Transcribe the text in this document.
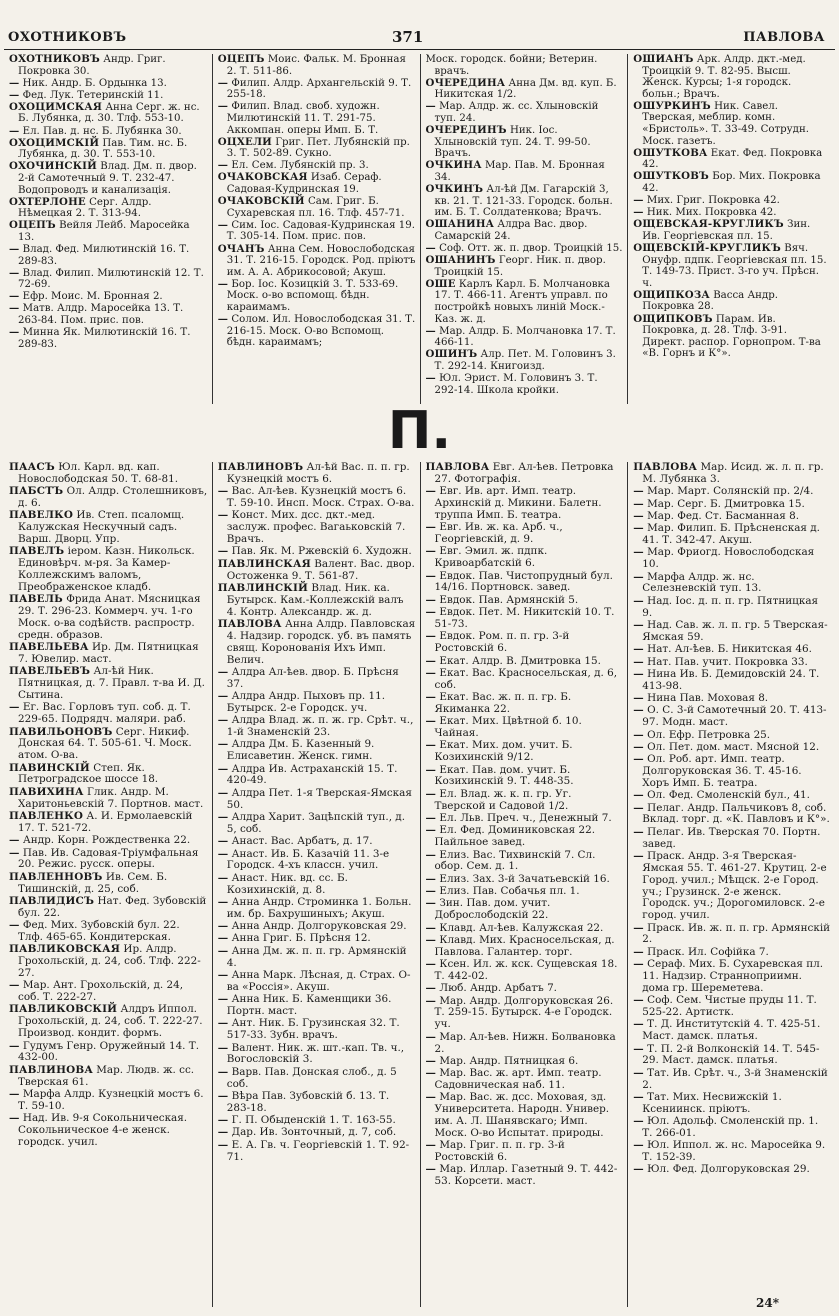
ОХОТНИКОВЪ	371	ПАВЛОВА
ОХОТНИКОВЪ Андр. Григ. Покровка 30.
— Ник. Андр. Б. Ордынка 13.
— Фед. Лук. Тетеринскій 11.
ОХОЦИМСКАЯ Анна Серг. ж. нс. Б. Лубянка, д. 30. Тлф. 553-10.
— Ел. Пав. д. нс. Б. Лубянка 30.
ОХОЦИМСКІЙ Пав. Тим. нс. Б. Лубянка, д. 30. Т. 553-10.
ОХОЧИНСКІЙ Влад. Дм. п. двор. 2-й Самотечный 9. Т. 232-47. Водопроводъ и канализація.
ОХТЕРЛОНЕ Серг. Алдр. Нѣмецкая 2. Т. 313-94.
ОЦЕПЪ Вейля Лейб. Маросейка 13.
— Влад. Фед. Милютинскій 16. Т. 289-83.
— Влад. Филип. Милютинскій 12. Т. 72-69.
— Ефр. Моис. М. Бронная 2.
— Матв. Алдр. Маросейка 13. Т. 263-84. Пом. прис. пов.
— Минна Як. Милютинскій 16. Т. 289-83.
ОЦЕПЪ Моис. Фальк. М. Бронная 2. Т. 511-86.
— Филип. Алдр. Архангельскій 9. Т. 255-18.
— Филип. Влад. своб. художн. Милютинскій 11. Т. 291-75. Аккомпан. оперы Имп. Б. Т.
ОЦХЕЛИ Григ. Пет. Лубянскій пр. 3. Т. 502-89. Сукно.
— Ел. Сем. Лубянскій пр. 3.
ОЧАКОВСКАЯ Изаб. Сераф. Садовая-Кудринская 19.
ОЧАКОВСКІЙ Сам. Григ. Б. Сухаревская пл. 16. Тлф. 457-71.
— Сим. Іос. Садовая-Кудринская 19. Т. 305-14. Пом. прис. пов.
ОЧАНЪ Анна Сем. Новослободская 31. Т. 216-15. Городск. Род. пріютъ им. А. А. Абрикосовой; Акуш.
— Бор. Іос. Козицкій 3. Т. 533-69. Моск. о-во вспомощ. бѣдн. караимамъ.
— Солом. Ил. Новослободская 31. Т. 216-15. Моск. О-во Вспомощ. бѣдн. караимамъ;
Моск. городск. бойни; Ветерин. врачъ.
ОЧЕРЕДИНА Анна Дм. вд. куп. Б. Никитская 1/2.
— Мар. Алдр. ж. сс. Хлыновскій туп. 24.
ОЧЕРЕДИНЪ Ник. Іос. Хлыновскій туп. 24. Т. 99-50. Врачъ.
ОЧКИНА Мар. Пав. М. Бронная 34.
ОЧКИНЪ Ал-ѣй Дм. Гагарскій 3, кв. 21. Т. 121-33. Городск. больн. им. Б. Т. Солдатенкова; Врачъ.
ОШАНИНА Алдра Вас. двор. Самарскій 24.
— Соф. Отт. ж. п. двор. Троицкій 15.
ОШАНИНЪ Георг. Ник. п. двор. Троицкій 15.
ОШЕ Карлъ Карл. Б. Молчановка 17. Т. 466-11. Агентъ управл. по постройкѣ новыхъ линій Моск.-Каз. ж. д.
— Мар. Алдр. Б. Молчановка 17. Т. 466-11.
ОШИНЪ Алр. Пет. М. Головинъ 3. Т. 292-14. Книгоизд.
— Юл. Эрист. М. Головинъ 3. Т. 292-14. Школа кройки.
ОШИАНЪ Арк. Алдр. дкт.-мед. Троицкій 9. Т. 82-95. Высш. Женск. Курсы; 1-я городск. больн.; Врачъ.
ОШУРКИНЪ Ник. Савел. Тверская, меблир. комн. «Бристоль». Т. 33-49. Сотрудн. Моск. газетъ.
ОШУТКОВА Екат. Фед. Покровка 42.
ОШУТКОВЪ Бор. Мих. Покровка 42.
— Мих. Григ. Покровка 42.
— Ник. Мих. Покровка 42.
ОЩЕВСКАЯ-КРУГЛИКЪ Зин. Ив. Георгіевская пл. 15.
ОЩЕВСКІЙ-КРУГЛИКЪ Вяч. Онуфр. пдпк. Георгіевская пл. 15. Т. 149-73. Прист. 3-го уч. Прѣсн. ч.
ОЩИПКОЗА Васса Андр. Покровка 28.
ОЩИПКОВЪ Парам. Ив. Покровка, д. 28. Тлф. 3-91. Директ. распор. Горнопром. Т-ва «В. Горнъ и К°».
П.
ПААСЪ Юл. Карл. вд. кап. Новослободская 50. Т. 68-81.
ПАБСТЪ Ол. Алдр. Столешниковъ, д. 6.
ПАВЕЛКО Ив. Степ. псаломщ. Калужская Нескучный садъ. Варш. Дворц. Упр.
ПАВЕЛЪ іером. Казн. Никольск. Единовѣрч. м-ря. За Камер-Коллежскимъ валомъ, Преображенское кладб.
ПАВЕЛЬ Фрида Анат. Мясницкая 29. Т. 296-23. Коммерч. уч. 1-го Моск. о-ва содѣйств. распростр. средн. образов.
ПАВЕЛЬЕВА Ир. Дм. Пятницкая 7. Ювелир. маст.
ПАВЕЛЬЕВЪ Ал-ѣй Ник. Пятницкая, д. 7. Правл. т-ва И. Д. Сытина.
— Ег. Вас. Горловъ туп. соб. д. Т. 229-65. Подрядч. маляри. раб.
ПАВИЛЬОНОВЪ Серг. Никиф. Донская 64. Т. 505-61. Ч. Моск. атом. О-ва.
ПАВИНСКІЙ Степ. Як. Петроградское шоссе 18.
ПАВИХИНА Глик. Андр. М. Харитоньевскій 7. Портнов. маст.
ПАВЛЕНКО А. И. Ермолаевскій 17. Т. 521-72.
— Андр. Корн. Рождественка 22.
— Пав. Ив. Садовая-Тріумфальная 20. Режис. русск. оперы.
ПАВЛЕННОВЪ Ив. Сем. Б. Тишинскій, д. 25, соб.
ПАВЛИДИСЪ Нат. Фед. Зубовскій бул. 22.
— Фед. Мих. Зубовскій бул. 22. Тлф. 465-65. Кондитерская.
ПАВЛИКОВСКАЯ Ир. Алдр. Грохольскій, д. 24, соб. Тлф. 222-27.
— Мар. Ант. Грохольскій, д. 24, соб. Т. 222-27.
ПАВЛИКОВСКІЙ Алдръ Иппол. Грохольскій, д. 24, соб. Т. 222-27. Производ. кондит. формъ.
— Гудумъ Генр. Оружейный 14. Т. 432-00.
ПАВЛИНОВА Мар. Людв. ж. сс. Тверская 61.
— Марфа Алдр. Кузнецкій мостъ 6. Т. 59-10.
— Над. Ив. 9-я Сокольническая. Сокольническое 4-е женск. городск. учил.
ПАВЛИНОВЪ Ал-ѣй Вас. п. п. гр. Кузнецкій мостъ 6.
— Вас. Ал-ѣев. Кузнецкій мостъ 6. Т. 59-10. Инсп. Моск. Страх. О-ва.
— Конст. Мих. дсс. дкт.-мед. заслуж. профес. Вагаьковскій 7. Врачъ.
— Пав. Як. М. Ржевскій 6. Художн.
ПАВЛИНСКАЯ Валент. Вас. двор. Остоженка 9. Т. 561-87.
ПАВЛИНСКІЙ Влад. Ник. ка. Бутырск. Кам.-Коллежскій валъ 4. Контр. Александр. ж. д.
ПАВЛОВА Анна Алдр. Павловская 4. Надзир. городск. уб. въ память свящ. Коронованія Ихъ Имп. Велич.
— Алдра Ал-ѣев. двор. Б. Прѣсня 37.
— Алдра Андр. Пыховъ пр. 11. Бутырск. 2-е Городск. уч.
— Алдра Влад. ж. п. ж. гр. Срѣт. ч., 1-й Знаменскій 23.
— Алдра Дм. Б. Казенный 9. Елисаветин. Женск. гимн.
— Алдра Ив. Астраханскій 15. Т. 420-49.
— Алдра Пет. 1-я Тверская-Ямская 50.
— Алдра Харит. Зацѣпскій туп., д. 5, соб.
— Анаст. Вас. Арбатъ, д. 17.
— Анаст. Ив. Б. Казачій 11. 3-е Городск. 4-хъ классн. учил.
— Анаст. Ник. вд. сс. Б. Козихинскій, д. 8.
— Анна Андр. Строминка 1. Больн. им. бр. Бахрушиныхъ; Акуш.
— Анна Андр. Долгоруковская 29.
— Анна Григ. Б. Прѣсня 12.
— Анна Дм. ж. п. п. гр. Армянскій 4.
— Анна Марк. Лѣсная, д. Страх. О-ва «Россія». Акуш.
— Анна Ник. Б. Каменщики 36. Портн. маст.
— Ант. Ник. Б. Грузинская 32. Т. 517-33. Зубн. врачъ.
— Валент. Ник. ж. шт.-кап. Тв. ч., Вогословскій 3.
— Варв. Пав. Донская слоб., д. 5 соб.
— Вѣра Пав. Зубовскій б. 13. Т. 283-18.
— Г. П. Обыденскій 1. Т. 163-55.
— Дар. Ив. Зонточный, д. 7, соб.
— Е. А. Гв. ч. Георгіевскій 1. Т. 92-71.
ПАВЛОВА Евг. Ал-ѣев. Петровка 27. Фотографія.
— Евг. Ив. арт. Имп. театр. Архинскій д. Микини. Балетн. труппа Имп. Б. театра.
— Евг. Ив. ж. ка. Арб. ч., Георгіевскій, д. 9.
— Евг. Эмил. ж. пдпк. Кривоарбатскій 6.
— Евдок. Пав. Чистопрудный бул. 14/16. Портновск. завед.
— Евдок. Пав. Армянскій 5.
— Евдок. Пет. М. Никитскій 10. Т. 51-73.
— Евдок. Ром. п. п. гр. 3-й Ростовскій 6.
— Екат. Алдр. В. Дмитровка 15.
— Екат. Вас. Красносельская, д. 6, соб.
— Екат. Вас. ж. п. п. гр. Б. Якиманка 22.
— Екат. Мих. Цвѣтной б. 10. Чайная.
— Екат. Мих. дом. учит. Б. Козихинскій 9/12.
— Екат. Пав. дом. учит. Б. Козихинскій 9. Т. 448-35.
— Ел. Влад. ж. к. п. гр. Уг. Тверской и Садовой 1/2.
— Ел. Льв. Преч. ч., Денежный 7.
— Ел. Фед. Доминиковская 22. Пайльное завед.
— Елиз. Вас. Тихвинскій 7. Сл. обор. Сем. д. 1.
— Елиз. Зах. 3-й Зачатьевскій 16.
— Елиз. Пав. Собачья пл. 1.
— Зин. Пав. дом. учит. Доброслободскій 22.
— Клавд. Ал-ѣев. Калужская 22.
— Клавд. Мих. Красносельская, д. Павлова. Галантер. торг.
— Ксен. Ил. ж. кск. Сущевская 18. Т. 442-02.
— Люб. Андр. Арбатъ 7.
— Мар. Андр. Долгоруковская 26. Т. 259-15. Бутырск. 4-е Городск. уч.
— Мар. Ал-ѣев. Нижн. Болвановка 2.
— Мар. Андр. Пятницкая 6.
— Мар. Вас. ж. арт. Имп. театр. Садовническая наб. 11.
— Мар. Вас. ж. дсс. Моховая, зд. Университета. Народн. Универ. им. А. Л. Шанявскаго; Имп. Моск. О-во Испытат. природы.
— Мар. Григ. п. п. гр. 3-й Ростовскій 6.
— Мар. Иллар. Газетный 9. Т. 442-53. Корсети. маст.
ПАВЛОВА Мар. Исид. ж. л. п. гр. М. Лубянка 3.
— Мар. Март. Солянскій пр. 2/4.
— Мар. Серг. Б. Дмитровка 15.
— Мар. Фед. Ст. Басманная 8.
— Мар. Филип. Б. Прѣсненская д. 41. Т. 342-47. Акуш.
— Мар. Фриогд. Новослободская 10.
— Марфа Алдр. ж. нс. Селезневскій туп. 13.
— Над. Іос. д. п. п. гр. Пятницкая 9.
— Над. Сав. ж. л. п. гр. 5 Тверская-Ямская 59.
— Нат. Ал-ѣев. Б. Никитская 46.
— Нат. Пав. учит. Покровка 33.
— Нина Ив. Б. Демидовскій 24. Т. 413-98.
— Нина Пав. Моховая 8.
— О. С. 3-й Самотечный 20. Т. 413-97. Модн. маст.
— Ол. Ефр. Петровка 25.
— Ол. Пет. дом. маст. Мясной 12.
— Ол. Роб. арт. Имп. театр. Долгоруковская 36. Т. 45-16. Хоръ Имп. Б. театра.
— Ол. Фед. Смоленскій бул., 41.
— Пелаг. Андр. Пальчиковъ 8, соб. Вклад. торг. д. «К. Павловъ и К°».
— Пелаг. Ив. Тверская 70. Портн. завед.
— Праск. Андр. 3-я Тверская-Ямская 55. Т. 461-27. Крутиц. 2-е Город. учил.; Мѣщск. 2-е Город. уч.; Грузинск. 2-е женск. Городск. уч.; Дорогомиловск. 2-е город. учил.
— Праск. Ив. ж. п. п. гр. Армянскій 2.
— Праск. Ил. Софійка 7.
— Сераф. Мих. Б. Сухаревская пл. 11. Надзир. Странноприимн. дома гр. Шереметева.
— Соф. Сем. Чистые пруды 11. Т. 525-22. Артистк.
— Т. Д. Институтскій 4. Т. 425-51. Маст. дамск. платья.
— Т. П. 2-й Волконскій 14. Т. 545-29. Маст. дамск. платья.
— Тат. Ив. Срѣт. ч., 3-й Знаменскій 2.
— Тат. Мих. Несвижскій 1. Ксениинск. пріютъ.
— Юл. Адольф. Смоленскій пр. 1. Т. 266-01.
— Юл. Иппол. ж. нс. Маросейка 9. Т. 152-39.
— Юл. Фед. Долгоруковская 29.
24*
